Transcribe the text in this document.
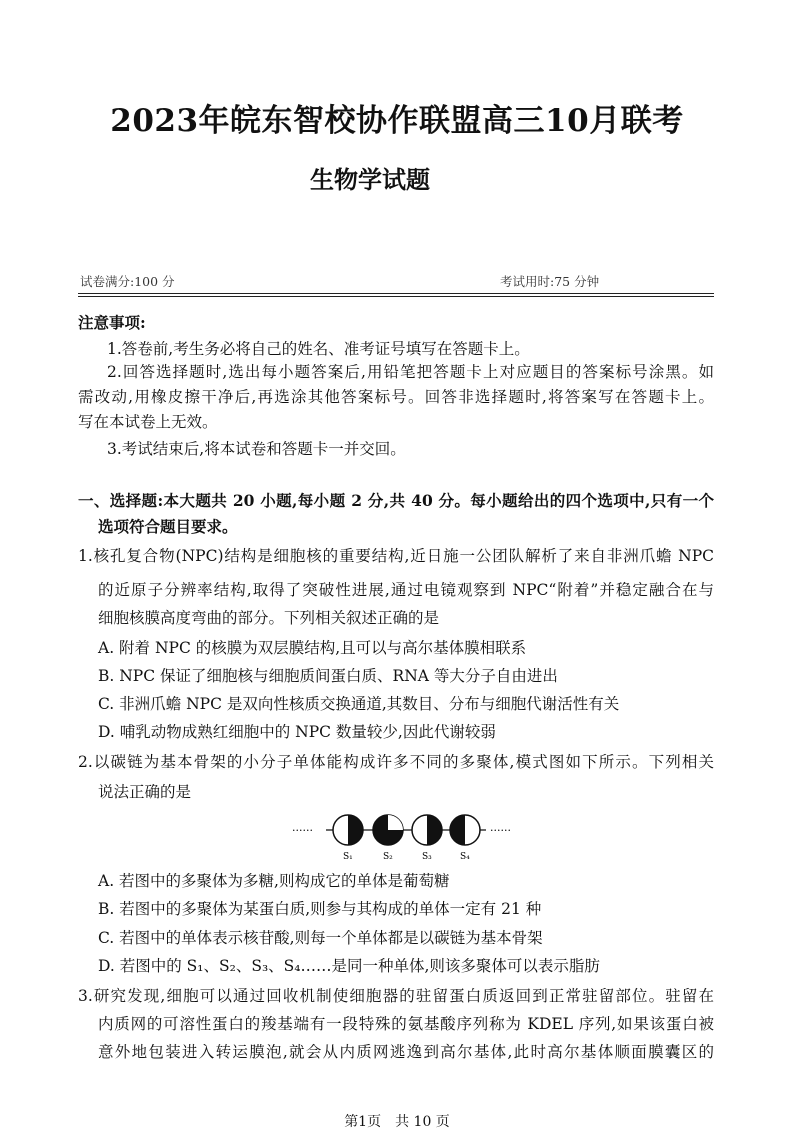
2023年皖东智校协作联盟高三10月联考
生物学试题
试卷满分:100 分	考试用时:75 分钟
注意事项:
1.答卷前,考生务必将自己的姓名、准考证号填写在答题卡上。
2.回答选择题时,选出每小题答案后,用铅笔把答题卡上对应题目的答案标号涂黑。如
需改动,用橡皮擦干净后,再选涂其他答案标号。回答非选择题时,将答案写在答题卡上。
写在本试卷上无效。
3.考试结束后,将本试卷和答题卡一并交回。
一、选择题:本大题共 20 小题,每小题 2 分,共 40 分。每小题给出的四个选项中,只有一个
选项符合题目要求。
1.核孔复合物(NPC)结构是细胞核的重要结构,近日施一公团队解析了来自非洲爪蟾 NPC
的近原子分辨率结构,取得了突破性进展,通过电镜观察到 NPC“附着”并稳定融合在与
细胞核膜高度弯曲的部分。下列相关叙述正确的是
A. 附着 NPC 的核膜为双层膜结构,且可以与高尔基体膜相联系
B. NPC 保证了细胞核与细胞质间蛋白质、RNA 等大分子自由进出
C. 非洲爪蟾 NPC 是双向性核质交换通道,其数目、分布与细胞代谢活性有关
D. 哺乳动物成熟红细胞中的 NPC 数量较少,因此代谢较弱
2.以碳链为基本骨架的小分子单体能构成许多不同的多聚体,模式图如下所示。下列相关
说法正确的是
······	······
S₁	S₂	S₃	S₄
A. 若图中的多聚体为多糖,则构成它的单体是葡萄糖
B. 若图中的多聚体为某蛋白质,则参与其构成的单体一定有 21 种
C. 若图中的单体表示核苷酸,则每一个单体都是以碳链为基本骨架
D. 若图中的 S₁、S₂、S₃、S₄……是同一种单体,则该多聚体可以表示脂肪
3.研究发现,细胞可以通过回收机制使细胞器的驻留蛋白质返回到正常驻留部位。驻留在
内质网的可溶性蛋白的羧基端有一段特殊的氨基酸序列称为 KDEL 序列,如果该蛋白被
意外地包装进入转运膜泡,就会从内质网逃逸到高尔基体,此时高尔基体顺面膜囊区的
第1页　共 10 页
